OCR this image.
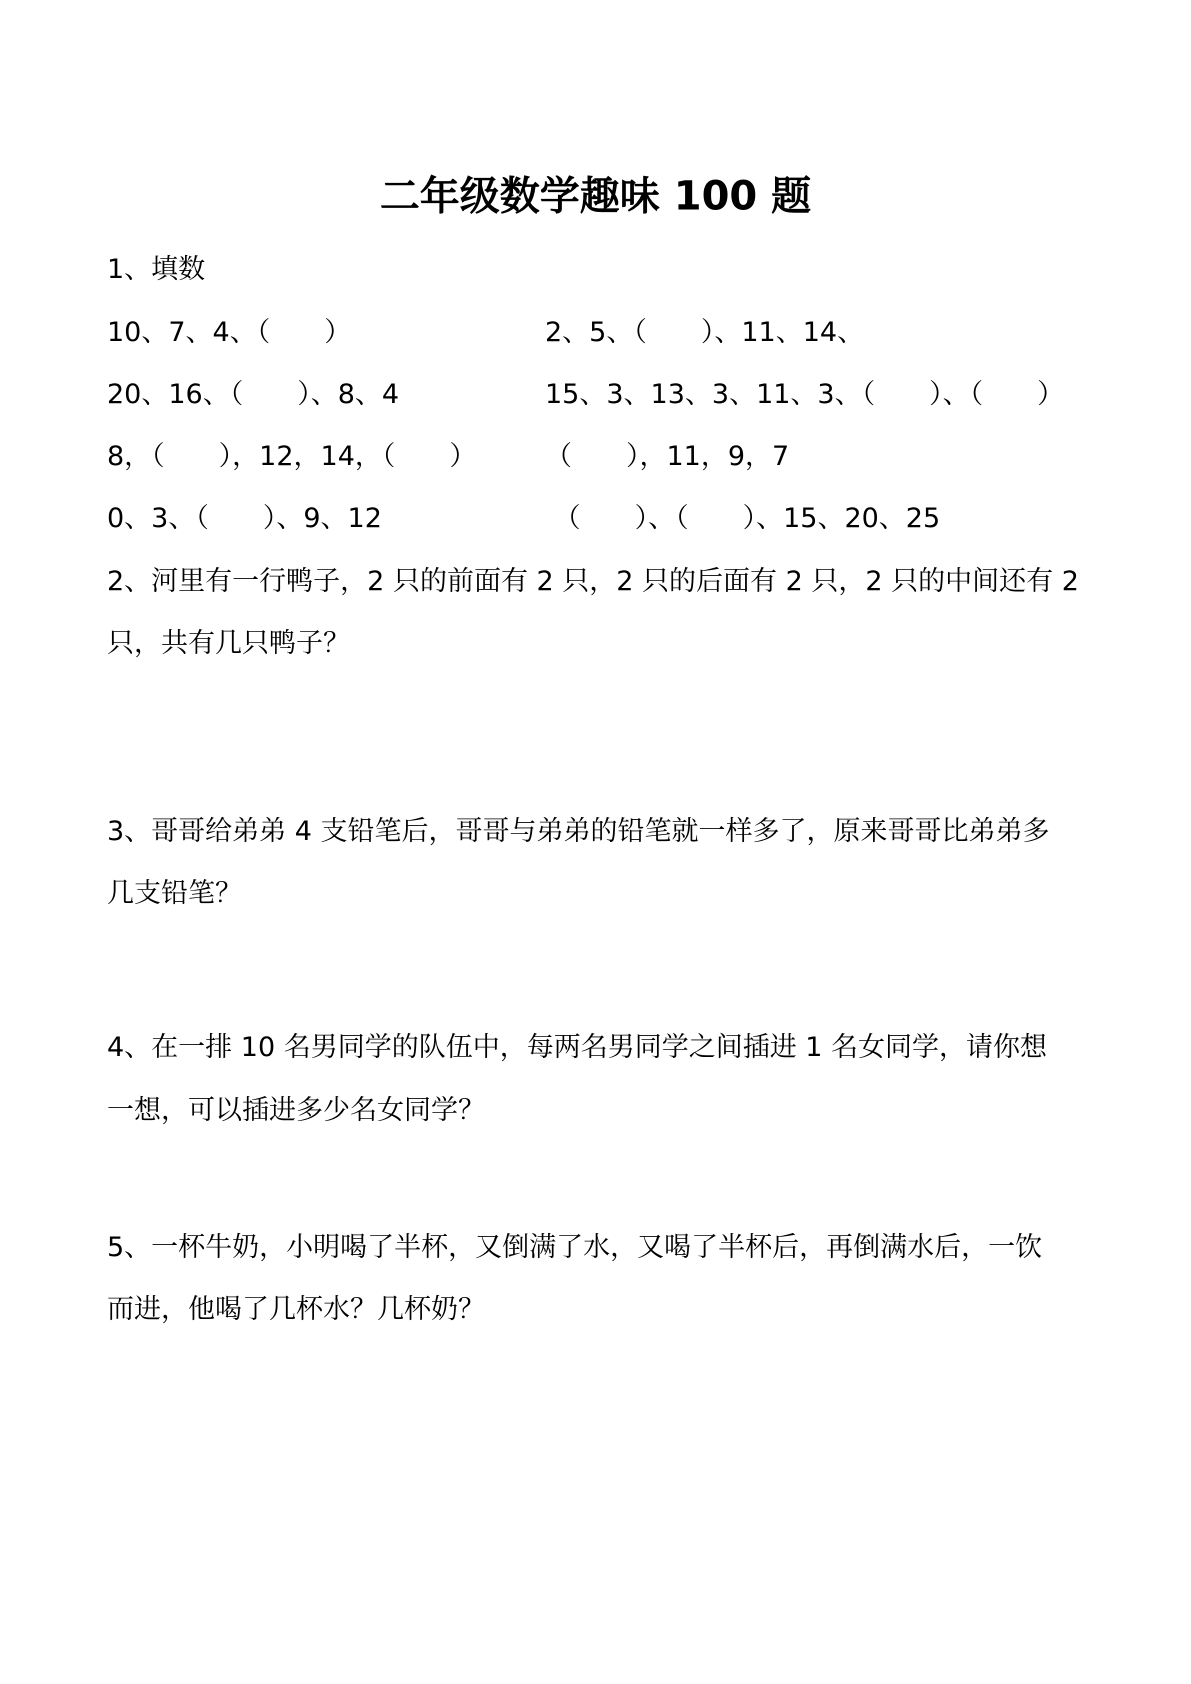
二年级数学趣味 100 题
1、填数
10、7、4、（　　）	2、5、（　　）、11、14、
20、16、（　　）、8、4	15、3、13、3、11、3、（　　）、（　　）
8，（　　），12，14，（　　）	（　　），11，9，7
0、3、（　　）、9、12	（　　）、（　　）、15、20、25
2、河里有一行鸭子，2 只的前面有 2 只，2 只的后面有 2 只，2 只的中间还有 2
只，共有几只鸭子？
3、哥哥给弟弟 4 支铅笔后，哥哥与弟弟的铅笔就一样多了，原来哥哥比弟弟多
几支铅笔？
4、在一排 10 名男同学的队伍中，每两名男同学之间插进 1 名女同学，请你想
一想，可以插进多少名女同学？
5、一杯牛奶，小明喝了半杯，又倒满了水，又喝了半杯后，再倒满水后，一饮
而进，他喝了几杯水？几杯奶？
